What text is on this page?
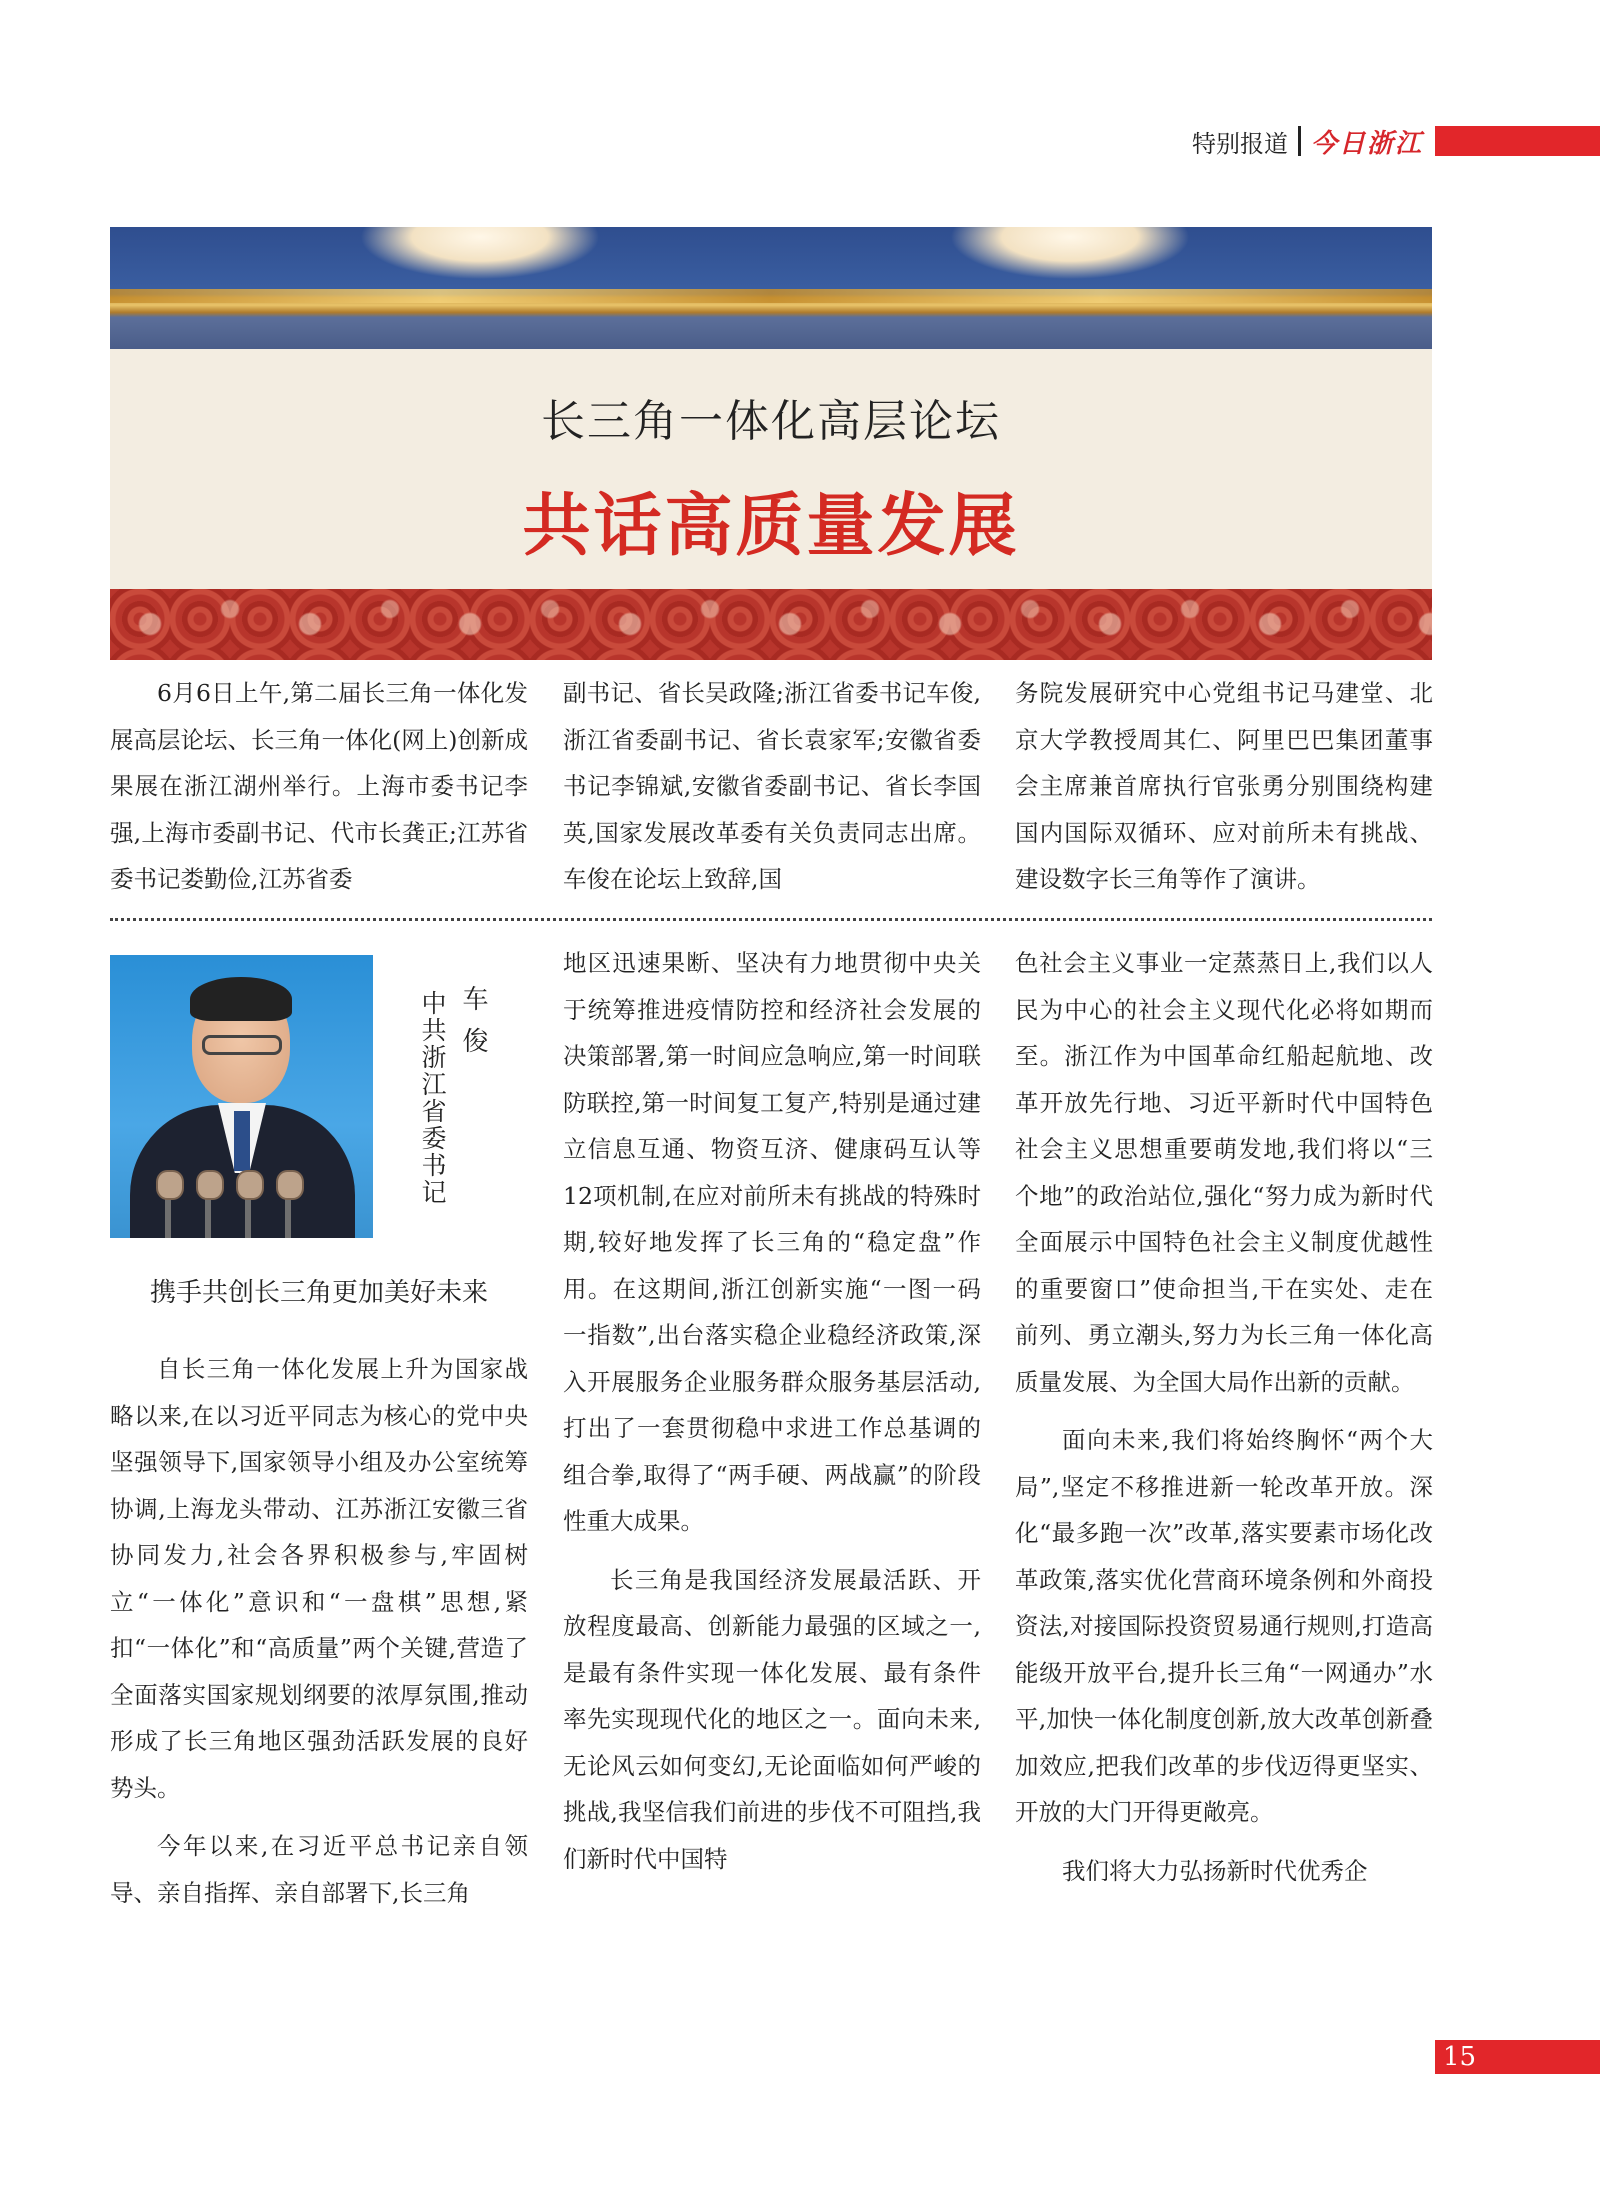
特别报道 今日浙江
长三角一体化高层论坛
共话高质量发展

6月6日上午,第二届长三角一体化发展高层论坛、长三角一体化(网上)创新成果展在浙江湖州举行。上海市委书记李强,上海市委副书记、代市长龚正;江苏省委书记娄勤俭,江苏省委

副书记、省长吴政隆;浙江省委书记车俊,浙江省委副书记、省长袁家军;安徽省委书记李锦斌,安徽省委副书记、省长李国英,国家发展改革委有关负责同志出席。车俊在论坛上致辞,国

务院发展研究中心党组书记马建堂、北京大学教授周其仁、阿里巴巴集团董事会主席兼首席执行官张勇分别围绕构建国内国际双循环、应对前所未有挑战、建设数字长三角等作了演讲。

中共浙江省委书记 车 俊
携手共创长三角更加美好未来

自长三角一体化发展上升为国家战略以来,在以习近平同志为核心的党中央坚强领导下,国家领导小组及办公室统筹协调,上海龙头带动、江苏浙江安徽三省协同发力,社会各界积极参与,牢固树立“一体化”意识和“一盘棋”思想,紧扣“一体化”和“高质量”两个关键,营造了全面落实国家规划纲要的浓厚氛围,推动形成了长三角地区强劲活跃发展的良好势头。

今年以来,在习近平总书记亲自领导、亲自指挥、亲自部署下,长三角

地区迅速果断、坚决有力地贯彻中央关于统筹推进疫情防控和经济社会发展的决策部署,第一时间应急响应,第一时间联防联控,第一时间复工复产,特别是通过建立信息互通、物资互济、健康码互认等12项机制,在应对前所未有挑战的特殊时期,较好地发挥了长三角的“稳定盘”作用。在这期间,浙江创新实施“一图一码一指数”,出台落实稳企业稳经济政策,深入开展服务企业服务群众服务基层活动,打出了一套贯彻稳中求进工作总基调的组合拳,取得了“两手硬、两战赢”的阶段性重大成果。

长三角是我国经济发展最活跃、开放程度最高、创新能力最强的区域之一,是最有条件实现一体化发展、最有条件率先实现现代化的地区之一。面向未来,无论风云如何变幻,无论面临如何严峻的挑战,我坚信我们前进的步伐不可阻挡,我们新时代中国特

色社会主义事业一定蒸蒸日上,我们以人民为中心的社会主义现代化必将如期而至。浙江作为中国革命红船起航地、改革开放先行地、习近平新时代中国特色社会主义思想重要萌发地,我们将以“三个地”的政治站位,强化“努力成为新时代全面展示中国特色社会主义制度优越性的重要窗口”使命担当,干在实处、走在前列、勇立潮头,努力为长三角一体化高质量发展、为全国大局作出新的贡献。

面向未来,我们将始终胸怀“两个大局”,坚定不移推进新一轮改革开放。深化“最多跑一次”改革,落实要素市场化改革政策,落实优化营商环境条例和外商投资法,对接国际投资贸易通行规则,打造高能级开放平台,提升长三角“一网通办”水平,加快一体化制度创新,放大改革创新叠加效应,把我们改革的步伐迈得更坚实、开放的大门开得更敞亮。

我们将大力弘扬新时代优秀企

15
